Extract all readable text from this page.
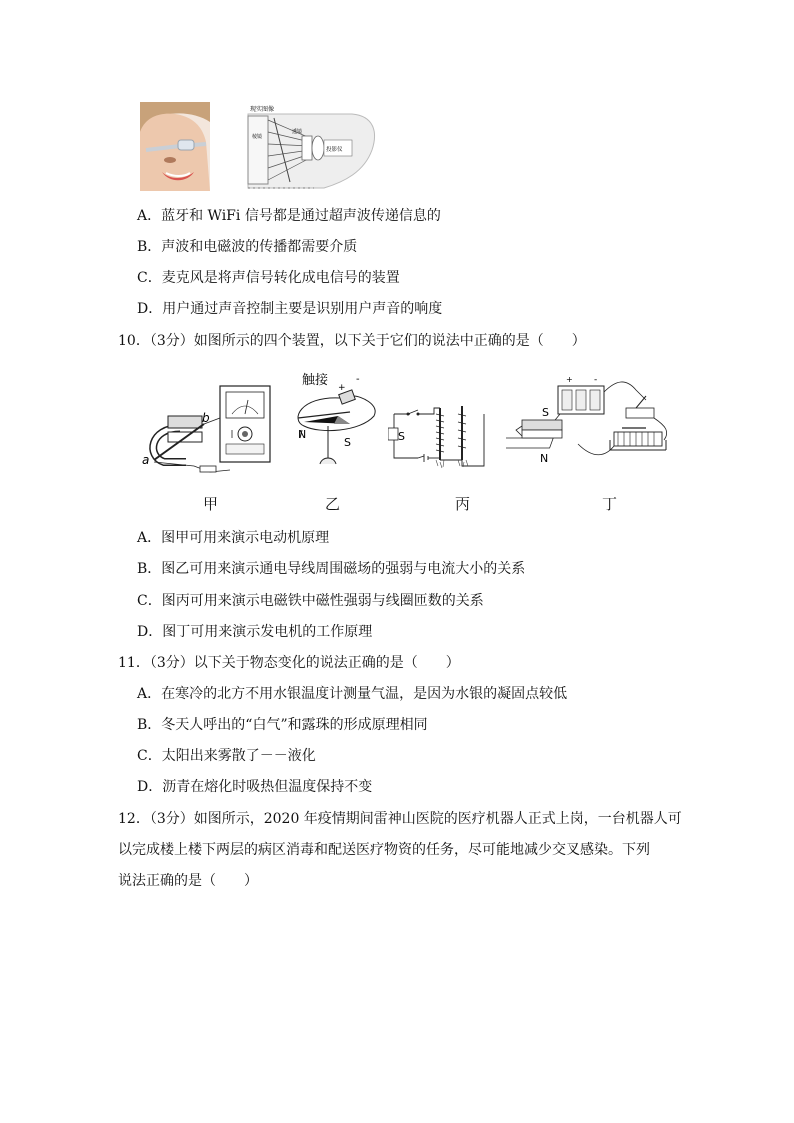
现实图像
棱镜
透镜
投影仪
A．蓝牙和 WiFi 信号都是通过超声波传递信息的
B．声波和电磁波的传播都需要介质
C．麦克风是将声信号转化成电信号的装置
D．用户通过声音控制主要是识别用户声音的响度
10．（3分）如图所示的四个装置，以下关于它们的说法中正确的是（　　）
a
b
触接 +
-
N
S	S
+ -
S
N
甲	乙	丙	丁
A．图甲可用来演示电动机原理
B．图乙可用来演示通电导线周围磁场的强弱与电流大小的关系
C．图丙可用来演示电磁铁中磁性强弱与线圈匝数的关系
D．图丁可用来演示发电机的工作原理
11．（3分）以下关于物态变化的说法正确的是（　　）
A．在寒冷的北方不用水银温度计测量气温，是因为水银的凝固点较低
B．冬天人呼出的“白气”和露珠的形成原理相同
C．太阳出来雾散了－－液化
D．沥青在熔化时吸热但温度保持不变
12．（3分）如图所示，2020 年疫情期间雷神山医院的医疗机器人正式上岗，一台机器人可
以完成楼上楼下两层的病区消毒和配送医疗物资的任务，尽可能地减少交叉感染。下列
说法正确的是（　　）
